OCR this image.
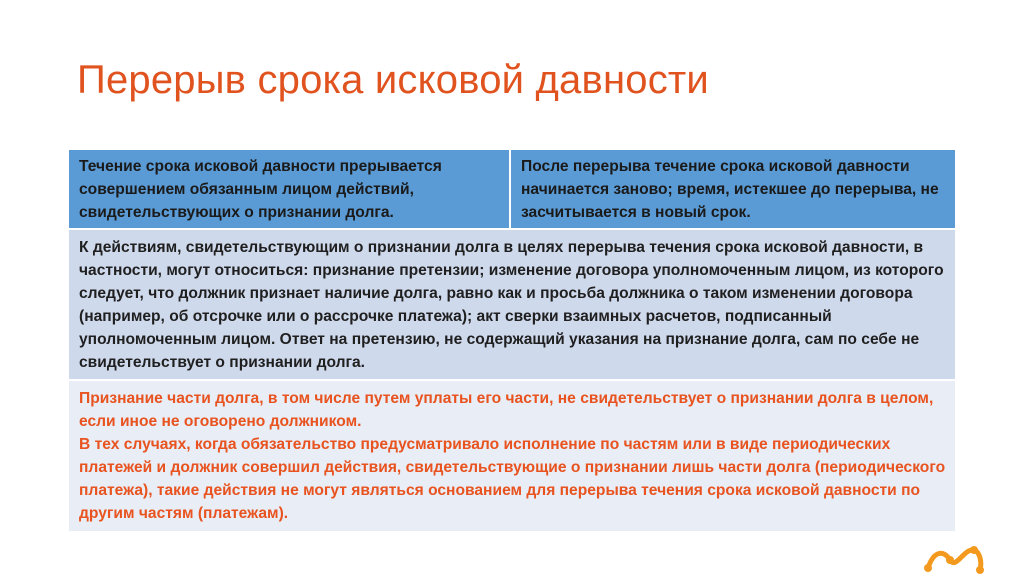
Перерыв срока исковой давности
Течение срока исковой давности прерывается совершением обязанным лицом действий, свидетельствующих о признании долга.
После перерыва течение срока исковой давности начинается заново; время, истекшее до перерыва, не засчитывается в новый срок.
К действиям, свидетельствующим о признании долга в целях перерыва течения срока исковой давности, в частности, могут относиться: признание претензии; изменение договора уполномоченным лицом, из которого следует, что должник признает наличие долга, равно как и просьба должника о таком изменении договора (например, об отсрочке или о рассрочке платежа); акт сверки взаимных расчетов, подписанный уполномоченным лицом. Ответ на претензию, не содержащий указания на признание долга, сам по себе не свидетельствует о признании долга.
Признание части долга, в том числе путем уплаты его части, не свидетельствует о признании долга в целом, если иное не оговорено должником.
В тех случаях, когда обязательство предусматривало исполнение по частям или в виде периодических платежей и должник совершил действия, свидетельствующие о признании лишь части долга (периодического платежа), такие действия не могут являться основанием для перерыва течения срока исковой давности по другим частям (платежам).
